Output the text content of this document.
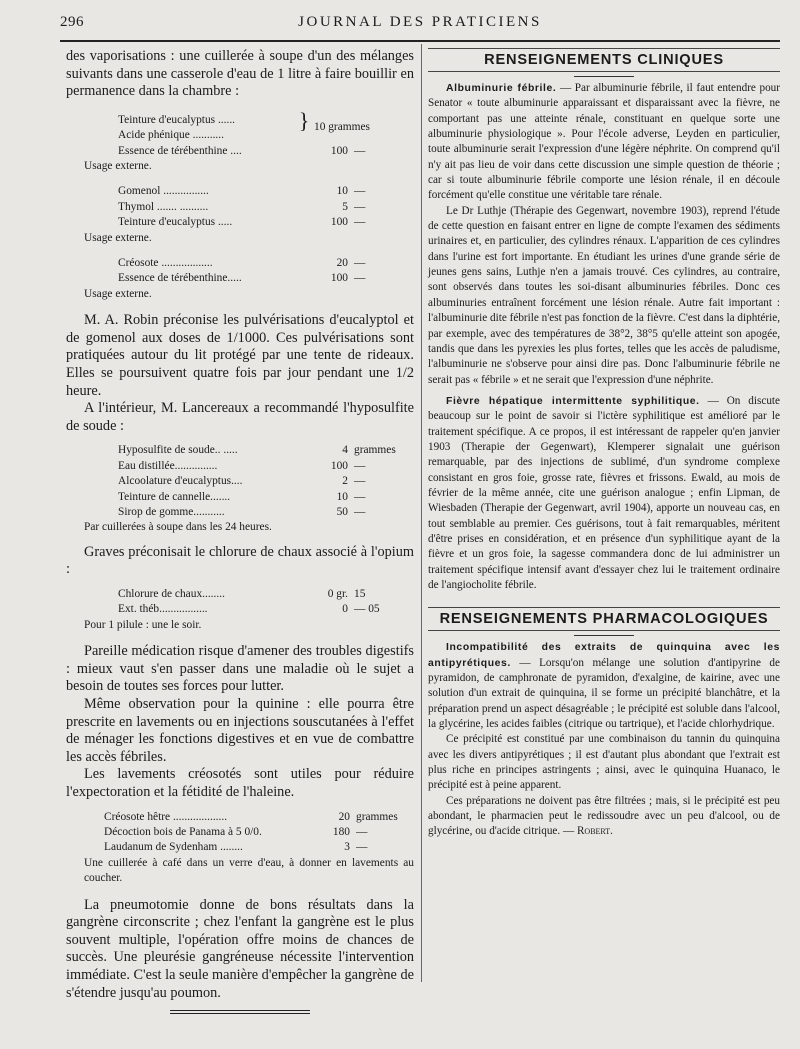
296	JOURNAL DES PRATICIENS

des vaporisations : une cuillerée à soupe d'un des mélanges suivants dans une casserole d'eau de 1 litre à faire bouillir en permanence dans la chambre :

Teinture d'eucalyptus ......	}
Acide phénique ...........
10 grammes
Essence de térébenthine ....	100 —
Usage externe.
Gomenol ................	10 —
Thymol ....... ..........	5 —
Teinture d'eucalyptus .....	100 —
Usage externe.
Créosote ..................	20 —
Essence de térébenthine.....	100 —
Usage externe.

M. A. Robin préconise les pulvérisations d'eucalyptol et de gomenol aux doses de 1/1000. Ces pulvérisations sont pratiquées autour du lit protégé par une tente de rideaux. Elles se poursuivent quatre fois par jour pendant une 1/2 heure.

A l'intérieur, M. Lancereaux a recommandé l'hyposulfite de soude :

Hyposulfite de soude.. .....	4 grammes
Eau distillée...............	100 —
Alcoolature d'eucalyptus....	2 —
Teinture de cannelle.......	10 —
Sirop de gomme...........	50 —
Par cuillerées à soupe dans les 24 heures.

Graves préconisait le chlorure de chaux associé à l'opium :

Chlorure de chaux........	0 gr. 15
Ext. théb.................	0 — 05
Pour 1 pilule : une le soir.

Pareille médication risque d'amener des troubles digestifs : mieux vaut s'en passer dans une maladie où le sujet a besoin de toutes ses forces pour lutter.

Même observation pour la quinine : elle pourra être prescrite en lavements ou en injections souscutanées à l'effet de ménager les fonctions digestives et en vue de combattre les accès fébriles.

Les lavements créosotés sont utiles pour réduire l'expectoration et la fétidité de l'haleine.

Créosote hêtre ...................	20 grammes
Décoction bois de Panama à 5 0/0.	180 —
Laudanum de Sydenham ........	3 —
Une cuillerée à café dans un verre d'eau, à donner en lavements au coucher.

La pneumotomie donne de bons résultats dans la gangrène circonscrite ; chez l'enfant la gangrène est le plus souvent multiple, l'opération offre moins de chances de succès. Une pleurésie gangréneuse nécessite l'intervention immédiate. C'est la seule manière d'empêcher la gangrène de s'étendre jusqu'au poumon.

RENSEIGNEMENTS CLINIQUES

Albuminurie fébrile. — Par albuminurie fébrile, il faut entendre pour Senator « toute albuminurie apparaissant et disparaissant avec la fièvre, ne comportant pas une atteinte rénale, constituant en quelque sorte une albuminurie physiologique ». Pour l'école adverse, Leyden en particulier, toute albuminurie serait l'expression d'une légère néphrite. On comprend qu'il n'y ait pas lieu de voir dans cette discussion une simple question de théorie ; car si toute albuminurie fébrile comporte une lésion rénale, il en découle forcément qu'elle constitue une véritable tare rénale.

Le Dr Luthje (Thérapie des Gegenwart, novembre 1903), reprend l'étude de cette question en faisant entrer en ligne de compte l'examen des sédiments urinaires et, en particulier, des cylindres rénaux. L'apparition de ces cylindres dans l'urine est fort importante. En étudiant les urines d'une grande série de jeunes gens sains, Luthje n'en a jamais trouvé. Ces cylindres, au contraire, sont observés dans toutes les soi-disant albuminuries fébriles. Donc ces albuminuries entraînent forcément une lésion rénale. Autre fait important : l'albuminurie dite fébrile n'est pas fonction de la fièvre. C'est dans la diphtérie, par exemple, avec des températures de 38°2, 38°5 qu'elle atteint son apogée, tandis que dans les pyrexies les plus fortes, telles que les accès de paludisme, l'albuminurie ne s'observe pour ainsi dire pas. Donc l'albuminurie fébrile ne serait pas « fébrile » et ne serait que l'expression d'une néphrite.

Fièvre hépatique intermittente syphilitique. — On discute beaucoup sur le point de savoir si l'ictère syphilitique est amélioré par le traitement spécifique. A ce propos, il est intéressant de rappeler qu'en janvier 1903 (Therapie der Gegenwart), Klemperer signalait une guérison remarquable, par des injections de sublimé, d'un syndrome complexe consistant en gros foie, grosse rate, fièvres et frissons. Ewald, au mois de février de la même année, cite une guérison analogue ; enfin Lipman, de Wiesbaden (Therapie der Gegenwart, avril 1904), apporte un nouveau cas, en tout semblable au premier. Ces guérisons, tout à fait remarquables, méritent d'être prises en considération, et en présence d'un syphilitique ayant de la fièvre et un gros foie, la sagesse commandera donc de lui administrer un traitement spécifique intensif avant d'essayer chez lui le traitement ordinaire de l'angiocholite fébrile.

RENSEIGNEMENTS PHARMACOLOGIQUES

Incompatibilité des extraits de quinquina avec les antipyrétiques. — Lorsqu'on mélange une solution d'antipyrine de pyramidon, de camphronate de pyramidon, d'exalgine, de kairine, avec une solution d'un extrait de quinquina, il se forme un précipité blanchâtre, et la préparation prend un aspect désagréable ; le précipité est soluble dans l'alcool, la glycérine, les acides faibles (citrique ou tartrique), et l'acide chlorhydrique.

Ce précipité est constitué par une combinaison du tannin du quinquina avec les divers antipyrétiques ; il est d'autant plus abondant que l'extrait est plus riche en principes astringents ; ainsi, avec le quinquina Huanaco, le précipité est à peine apparent.

Ces préparations ne doivent pas être filtrées ; mais, si le précipité est peu abondant, le pharmacien peut le redissoudre avec un peu d'alcool, ou de glycérine, ou d'acide citrique. — Robert.
